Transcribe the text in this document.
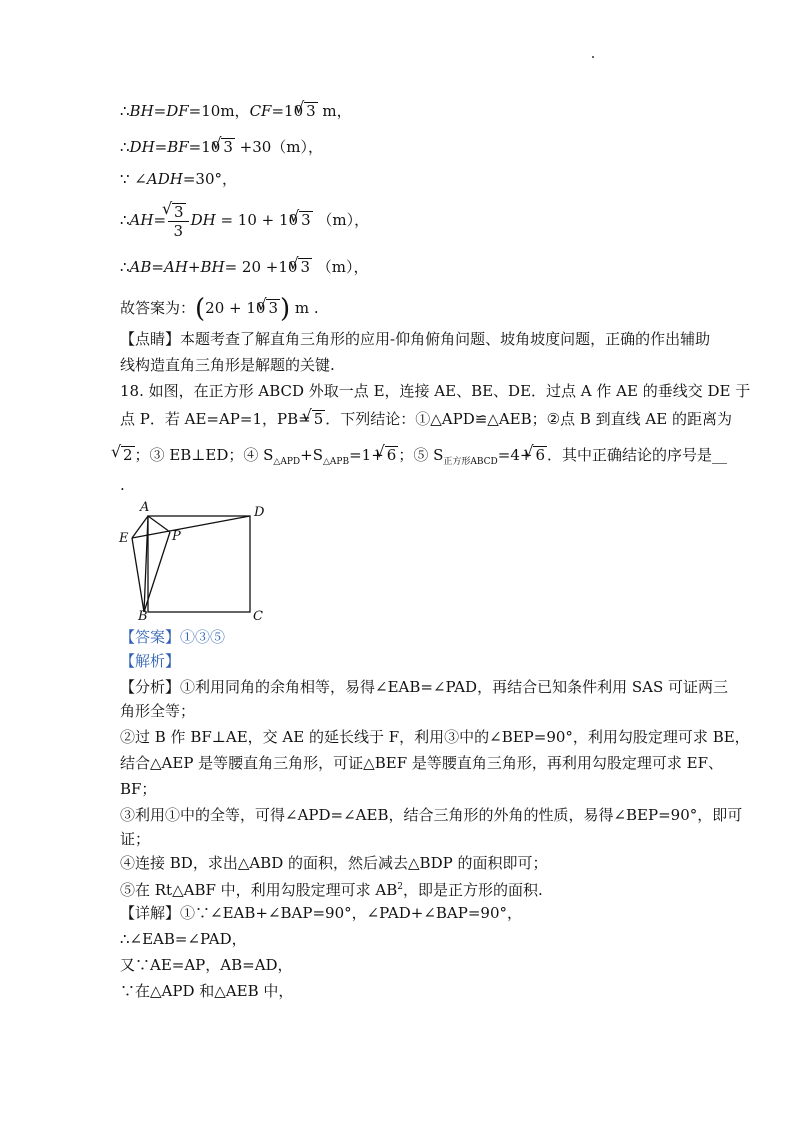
∴BH=DF=10m，CF=10√ 3 m，
∴DH=BF=10√ 3 +30（m），
∵ ∠ADH=30°，
∴AH=
√ $\frac{3}{3}$ DH = 10 + 10√ 3 （m），
∴AB=AH+BH= 20 +10√ 3 （m），
故答案为：(20 + 10√ 3) m .
【点睛】本题考查了解直角三角形的应用-仰角俯角问题、坡角坡度问题，正确的作出辅助
线构造直角三角形是解题的关键.
18. 如图，在正方形 ABCD 外取一点 E，连接 AE、BE、DE．过点 A 作 AE 的垂线交 DE 于
点 P．若 AE=AP=1，PB=√ 5 ．下列结论：①△APD≌△AEB；②点 B 到直线 AE 的距离为
√ 2 ；③ EB⊥ED；④ $S_{\triangle APD}+S_{\triangle APB}=1+√$ 6 ；⑤ $S_{正方形ABCD}=4+√$ 6 ．其中正确结论的序号是__
.
A	D
E	P
B	C
【答案】①③⑤
【解析】
【分析】①利用同角的余角相等，易得∠EAB=∠PAD，再结合已知条件利用 SAS 可证两三
角形全等；
②过 B 作 BF⊥AE，交 AE 的延长线于 F，利用③中的∠BEP=90°，利用勾股定理可求 BE，
结合△AEP 是等腰直角三角形，可证△BEF 是等腰直角三角形，再利用勾股定理可求 EF、
BF；
③利用①中的全等，可得∠APD=∠AEB，结合三角形的外角的性质，易得∠BEP=90°，即可
证；
④连接 BD，求出△ABD 的面积，然后减去△BDP 的面积即可；
⑤在 Rt△ABF 中，利用勾股定理可求 $AB^2$，即是正方形的面积.
【详解】①∵∠EAB+∠BAP=90°，∠PAD+∠BAP=90°，
∴∠EAB=∠PAD，
又∵AE=AP，AB=AD，
∵在△APD 和△AEB 中，
